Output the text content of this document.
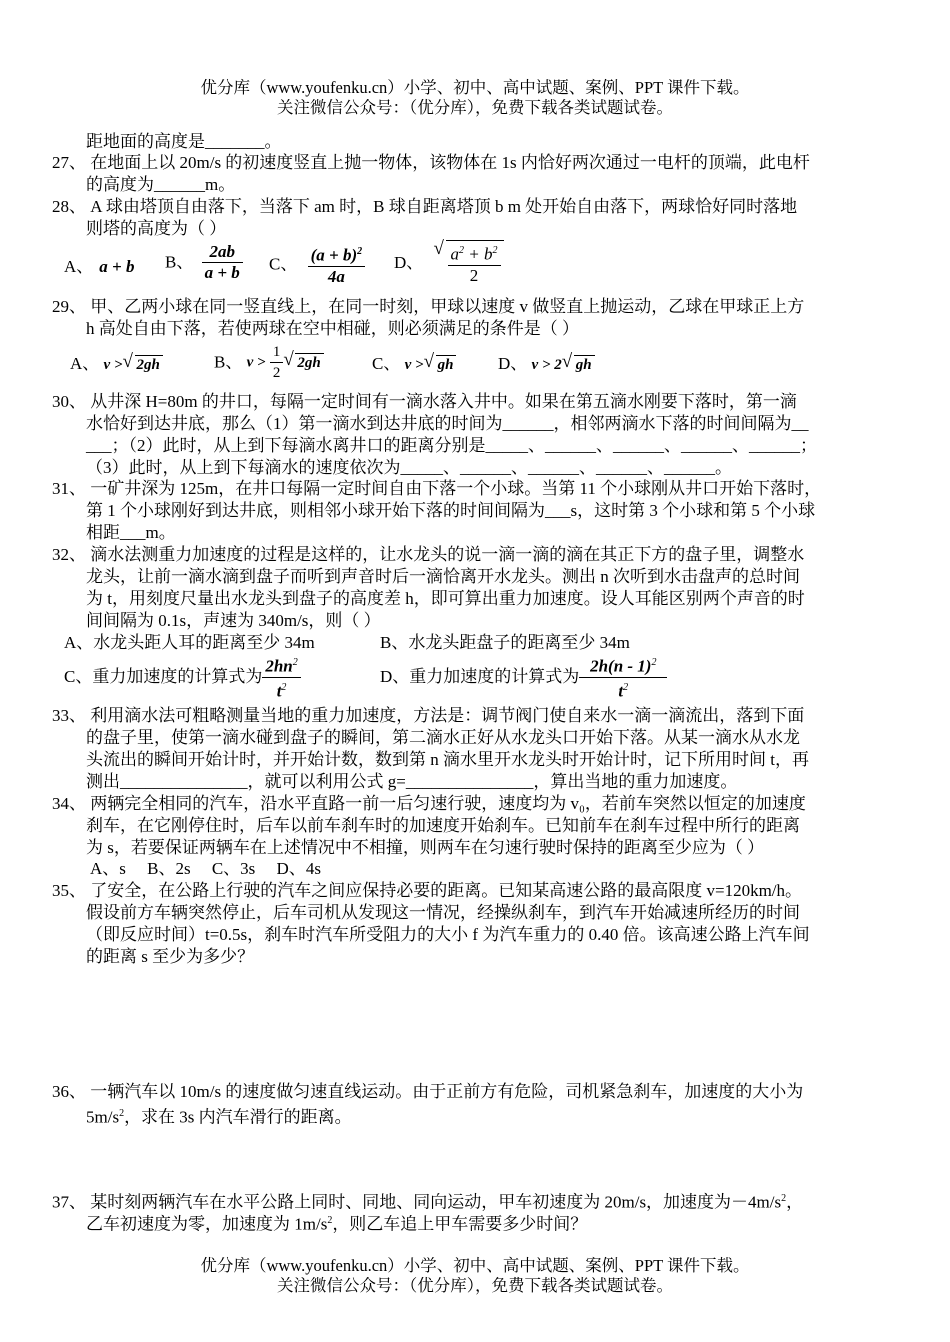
优分库（www.youfenku.cn）小学、初中、高中试题、案例、PPT 课件下载。
关注微信公众号：（优分库），免费下载各类试题试卷。
距地面的高度是_______。
27、 在地面上以 20m/s 的初速度竖直上抛一物体，该物体在 1s 内恰好两次通过一电杆的顶端，此电杆
的高度为______m。
28、 A 球由塔顶自由落下，当落下 am 时，B 球自距离塔顶 b m 处开始自由落下，两球恰好同时落地
则塔的高度为（ ）
A、 a + b B、 $\frac{2ab}{a + b}$ C、 $\frac{(a + b)^2}{4a}$ D、 √ $\frac{a^2 + b^2}{2}$
29、 甲、乙两小球在同一竖直线上，在同一时刻，甲球以速度 v 做竖直上抛运动，乙球在甲球正上方
h 高处自由下落，若使两球在空中相碰，则必须满足的条件是（ ）
A、 v > √ 2gh	B、 $v > \frac{1}{2}$ √ 2gh	C、 v > √ gh	D、 v > 2 √ gh
30、 从井深 H=80m 的井口，每隔一定时间有一滴水落入井中。如果在第五滴水刚要下落时，第一滴
水恰好到达井底，那么（1）第一滴水到达井底的时间为______，相邻两滴水下落的时间间隔为__
___；（2）此时，从上到下每滴水离井口的距离分别是_____、______、______、______、______；
（3）此时，从上到下每滴水的速度依次为_____、______、______、______、______。
31、 一矿井深为 125m，在井口每隔一定时间自由下落一个小球。当第 11 个小球刚从井口开始下落时，
第 1 个小球刚好到达井底，则相邻小球开始下落的时间间隔为___s，这时第 3 个小球和第 5 个小球
相距___m。
32、 滴水法测重力加速度的过程是这样的，让水龙头的说一滴一滴的滴在其正下方的盘子里，调整水
龙头，让前一滴水滴到盘子而听到声音时后一滴恰离开水龙头。测出 n 次听到水击盘声的总时间
为 t，用刻度尺量出水龙头到盘子的高度差 h，即可算出重力加速度。设人耳能区别两个声音的时
间间隔为 0.1s，声速为 340m/s，则（ ）
A、水龙头距人耳的距离至少 34m	B、水龙头距盘子的距离至少 34m
C、重力加速度的计算式为 $\frac{2hn^2}{t^2}$	D、重力加速度的计算式为 $\frac{2h(n - 1)^2}{t^2}$
33、 利用滴水法可粗略测量当地的重力加速度，方法是：调节阀门使自来水一滴一滴流出，落到下面
的盘子里，使第一滴水碰到盘子的瞬间，第二滴水正好从水龙头口开始下落。从某一滴水从水龙
头流出的瞬间开始计时，并开始计数，数到第 n 滴水里开水龙头时开始计时，记下所用时间 t，再
测出_______________，就可以利用公式 g=_______________，算出当地的重力加速度。
34、 两辆完全相同的汽车，沿水平直路一前一后匀速行驶，速度均为 v₀，若前车突然以恒定的加速度
刹车，在它刚停住时，后车以前车刹车时的加速度开始刹车。已知前车在刹车过程中所行的距离
为 s，若要保证两辆车在上述情况中不相撞，则两车在匀速行驶时保持的距离至少应为（ ）
A、s     B、2s     C、3s     D、4s
35、 了安全，在公路上行驶的汽车之间应保持必要的距离。已知某高速公路的最高限度 v=120km/h。
假设前方车辆突然停止，后车司机从发现这一情况，经操纵刹车，到汽车开始减速所经历的时间
（即反应时间）t=0.5s，刹车时汽车所受阻力的大小 f 为汽车重力的 0.40 倍。该高速公路上汽车间
的距离 s 至少为多少？
36、 一辆汽车以 10m/s 的速度做匀速直线运动。由于正前方有危险，司机紧急刹车，加速度的大小为
$5m/s^2$，求在 3s 内汽车滑行的距离。
37、 某时刻两辆汽车在水平公路上同时、同地、同向运动，甲车初速度为 20m/s，加速度为$-4m/s^2$，
乙车初速度为零，加速度为 $1m/s^2$，则乙车追上甲车需要多少时间？
优分库（www.youfenku.cn）小学、初中、高中试题、案例、PPT 课件下载。
关注微信公众号：（优分库），免费下载各类试题试卷。
